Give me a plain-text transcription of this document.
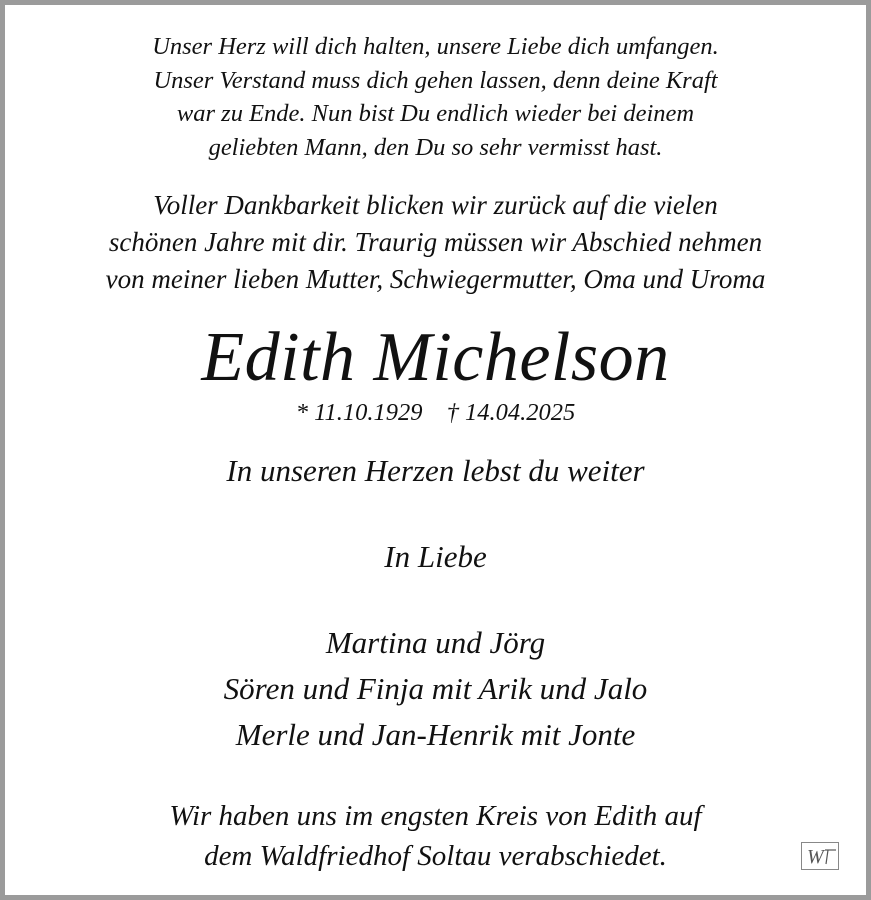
Unser Herz will dich halten, unsere Liebe dich umfangen.
Unser Verstand muss dich gehen lassen, denn deine Kraft
war zu Ende. Nun bist Du endlich wieder bei deinem
geliebten Mann, den Du so sehr vermisst hast.
Voller Dankbarkeit blicken wir zurück auf die vielen
schönen Jahre mit dir. Traurig müssen wir Abschied nehmen
von meiner lieben Mutter, Schwiegermutter, Oma und Uroma
Edith Michelson
* 11.10.1929 † 14.04.2025
In unseren Herzen lebst du weiter
In Liebe
Martina und Jörg
Sören und Finja mit Arik und Jalo
Merle und Jan-Henrik mit Jonte
Wir haben uns im engsten Kreis von Edith auf
dem Waldfriedhof Soltau verabschiedet.	W
